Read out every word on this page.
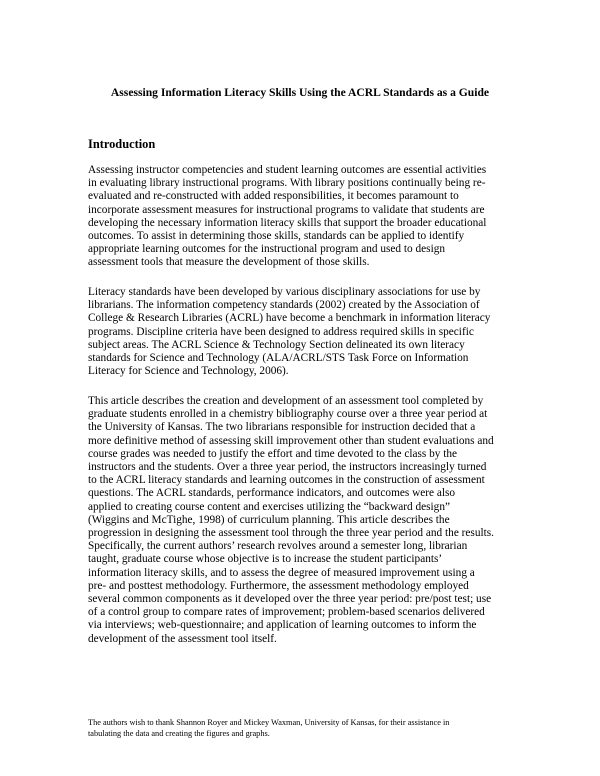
Assessing Information Literacy Skills Using the ACRL Standards as a Guide
Introduction

Assessing instructor competencies and student learning outcomes are essential activities
in evaluating library instructional programs. With library positions continually being re-
evaluated and re-constructed with added responsibilities, it becomes paramount to
incorporate assessment measures for instructional programs to validate that students are
developing the necessary information literacy skills that support the broader educational
outcomes. To assist in determining those skills, standards can be applied to identify
appropriate learning outcomes for the instructional program and used to design
assessment tools that measure the development of those skills.

Literacy standards have been developed by various disciplinary associations for use by
librarians. The information competency standards (2002) created by the Association of
College & Research Libraries (ACRL) have become a benchmark in information literacy
programs. Discipline criteria have been designed to address required skills in specific
subject areas. The ACRL Science & Technology Section delineated its own literacy
standards for Science and Technology (ALA/ACRL/STS Task Force on Information
Literacy for Science and Technology, 2006).

This article describes the creation and development of an assessment tool completed by
graduate students enrolled in a chemistry bibliography course over a three year period at
the University of Kansas. The two librarians responsible for instruction decided that a
more definitive method of assessing skill improvement other than student evaluations and
course grades was needed to justify the effort and time devoted to the class by the
instructors and the students. Over a three year period, the instructors increasingly turned
to the ACRL literacy standards and learning outcomes in the construction of assessment
questions. The ACRL standards, performance indicators, and outcomes were also
applied to creating course content and exercises utilizing the “backward design”
(Wiggins and McTighe, 1998) of curriculum planning. This article describes the
progression in designing the assessment tool through the three year period and the results.
Specifically, the current authors’ research revolves around a semester long, librarian
taught, graduate course whose objective is to increase the student participants’
information literacy skills, and to assess the degree of measured improvement using a
pre- and posttest methodology. Furthermore, the assessment methodology employed
several common components as it developed over the three year period: pre/post test; use
of a control group to compare rates of improvement; problem-based scenarios delivered
via interviews; web-questionnaire; and application of learning outcomes to inform the
development of the assessment tool itself.

The authors wish to thank Shannon Royer and Mickey Waxman, University of Kansas, for their assistance in
tabulating the data and creating the figures and graphs.
